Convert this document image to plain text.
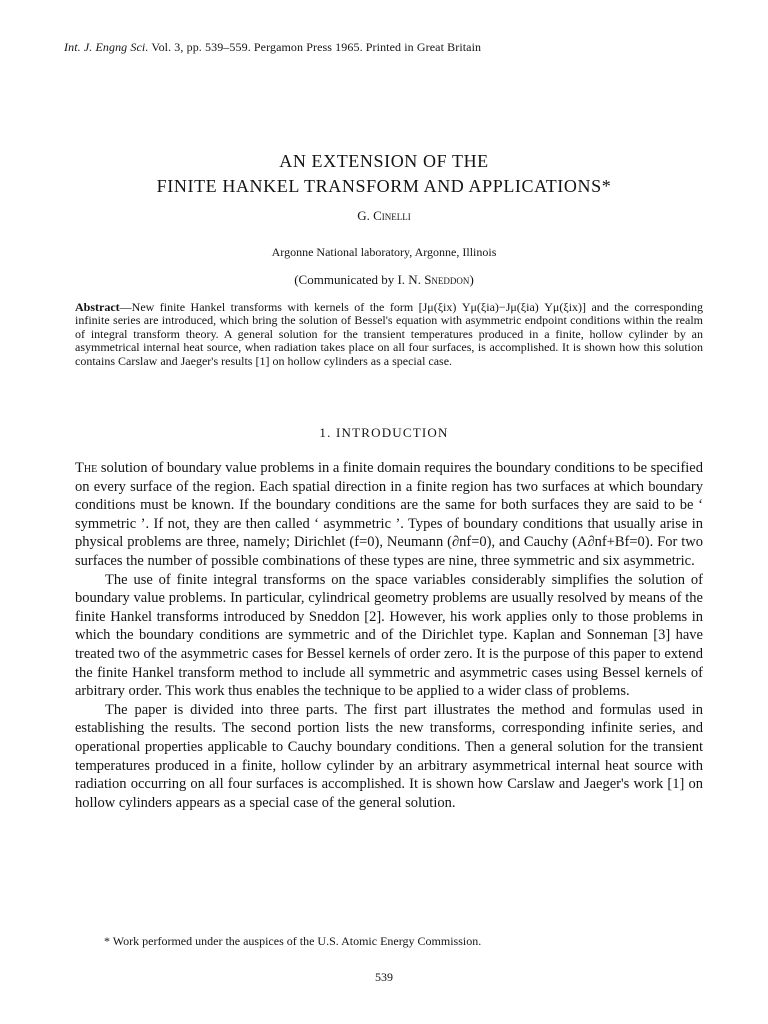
Int. J. Engng Sci. Vol. 3, pp. 539–559. Pergamon Press 1965. Printed in Great Britain
AN EXTENSION OF THE
FINITE HANKEL TRANSFORM AND APPLICATIONS*
G. Cinelli
Argonne National laboratory, Argonne, Illinois
(Communicated by I. N. Sneddon)
Abstract—New finite Hankel transforms with kernels of the form [Jμ(ξix) Yμ(ξia)−Jμ(ξia) Yμ(ξix)] and the corresponding infinite series are introduced, which bring the solution of Bessel's equation with asymmetric endpoint conditions within the realm of integral transform theory. A general solution for the transient temperatures produced in a finite, hollow cylinder by an asymmetrical internal heat source, when radiation takes place on all four surfaces, is accomplished. It is shown how this solution contains Carslaw and Jaeger's results [1] on hollow cylinders as a special case.
1. INTRODUCTION

The solution of boundary value problems in a finite domain requires the boundary conditions to be specified on every surface of the region. Each spatial direction in a finite region has two surfaces at which boundary conditions must be known. If the boundary conditions are the same for both surfaces they are said to be ‘ symmetric ’. If not, they are then called ‘ asymmetric ’. Types of boundary conditions that usually arise in physical problems are three, namely; Dirichlet (f=0), Neumann (∂nf=0), and Cauchy (A∂nf+Bf=0). For two surfaces the number of possible combinations of these types are nine, three symmetric and six asymmetric.

The use of finite integral transforms on the space variables considerably simplifies the solution of boundary value problems. In particular, cylindrical geometry problems are usually resolved by means of the finite Hankel transforms introduced by Sneddon [2]. However, his work applies only to those problems in which the boundary conditions are symmetric and of the Dirichlet type. Kaplan and Sonneman [3] have treated two of the asymmetric cases for Bessel kernels of order zero. It is the purpose of this paper to extend the finite Hankel transform method to include all symmetric and asymmetric cases using Bessel kernels of arbitrary order. This work thus enables the technique to be applied to a wider class of problems.

The paper is divided into three parts. The first part illustrates the method and formulas used in establishing the results. The second portion lists the new transforms, corresponding infinite series, and operational properties applicable to Cauchy boundary conditions. Then a general solution for the transient temperatures produced in a finite, hollow cylinder by an arbitrary asymmetrical internal heat source with radiation occurring on all four surfaces is accomplished. It is shown how Carslaw and Jaeger's work [1] on hollow cylinders appears as a special case of the general solution.

* Work performed under the auspices of the U.S. Atomic Energy Commission.
539
